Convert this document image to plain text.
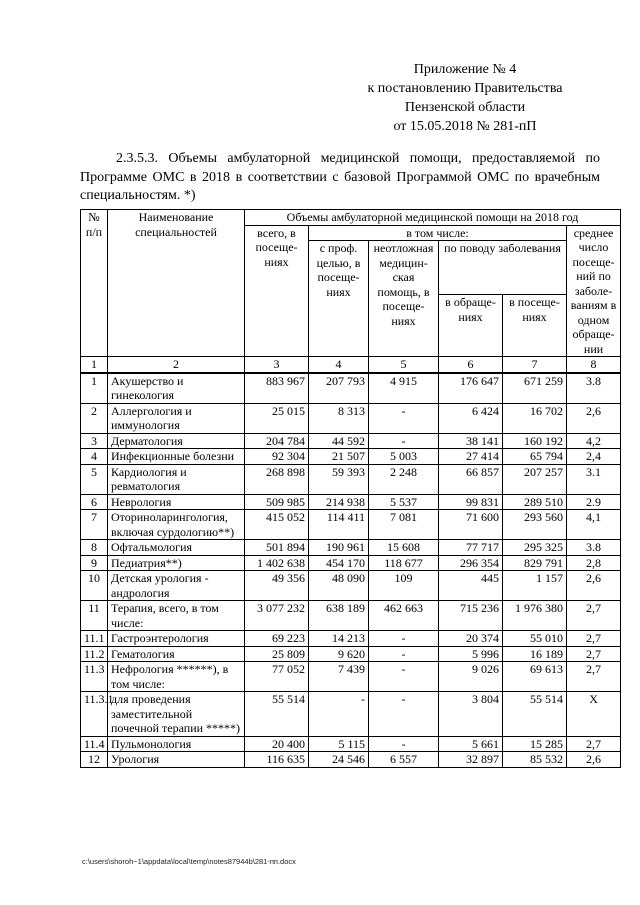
Приложение № 4
к постановлению Правительства
Пензенской области
от 15.05.2018 № 281-пП
2.3.5.3. Объемы амбулаторной медицинской помощи, предоставляемой по Программе ОМС в 2018 в соответствии с базовой Программой ОМС по врачебным специальностям. *)
№ п/п	Наименование специальностей	Объемы амбулаторной медицинской помощи на 2018 год					
		всего, в посеще- ниях	в том числе:				среднее число посеще- ний по заболе- ваниям в одном обраще- нии
			с проф. целью, в посеще- ниях	неотложная медицин- ская помощь, в посеще- ниях	по поводу заболевания		
					в обраще- ниях	в посеще- ниях	
1	2	3	4	5	6	7	8
1	Акушерство и гинекология	883 967	207 793	4 915	176 647	671 259	3.8
2	Аллергология и иммунология	25 015	8 313	-	6 424	16 702	2,6
3	Дерматология	204 784	44 592	-	38 141	160 192	4,2
4	Инфекционные болезни	92 304	21 507	5 003	27 414	65 794	2,4
5	Кардиология и ревматология	268 898	59 393	2 248	66 857	207 257	3.1
6	Неврология	509 985	214 938	5 537	99 831	289 510	2.9
7	Оториноларингология, включая сурдологию**)	415 052	114 411	7 081	71 600	293 560	4,1
8	Офтальмология	501 894	190 961	15 608	77 717	295 325	3.8
9	Педиатрия**)	1 402 638	454 170	118 677	296 354	829 791	2,8
10	Детская урология - андрология	49 356	48 090	109	445	1 157	2,6
11	Терапия, всего, в том числе:	3 077 232	638 189	462 663	715 236	1 976 380	2,7
11.1	Гастроэнтерология	69 223	14 213	-	20 374	55 010	2,7
11.2	Гематология	25 809	9 620	-	5 996	16 189	2,7
11.3	Нефрология ******), в том числе:	77 052	7 439	-	9 026	69 613	2,7
11.3.1	для проведения заместительной почечной терапии *****)	55 514	-	-	3 804	55 514	Х
11.4	Пульмонология	20 400	5 115	-	5 661	15 285	2,7
12	Урология	116 635	24 546	6 557	32 897	85 532	2,6
c:\users\shoroh~1\appdata\local\temp\notes87944b\281-пп.docx
